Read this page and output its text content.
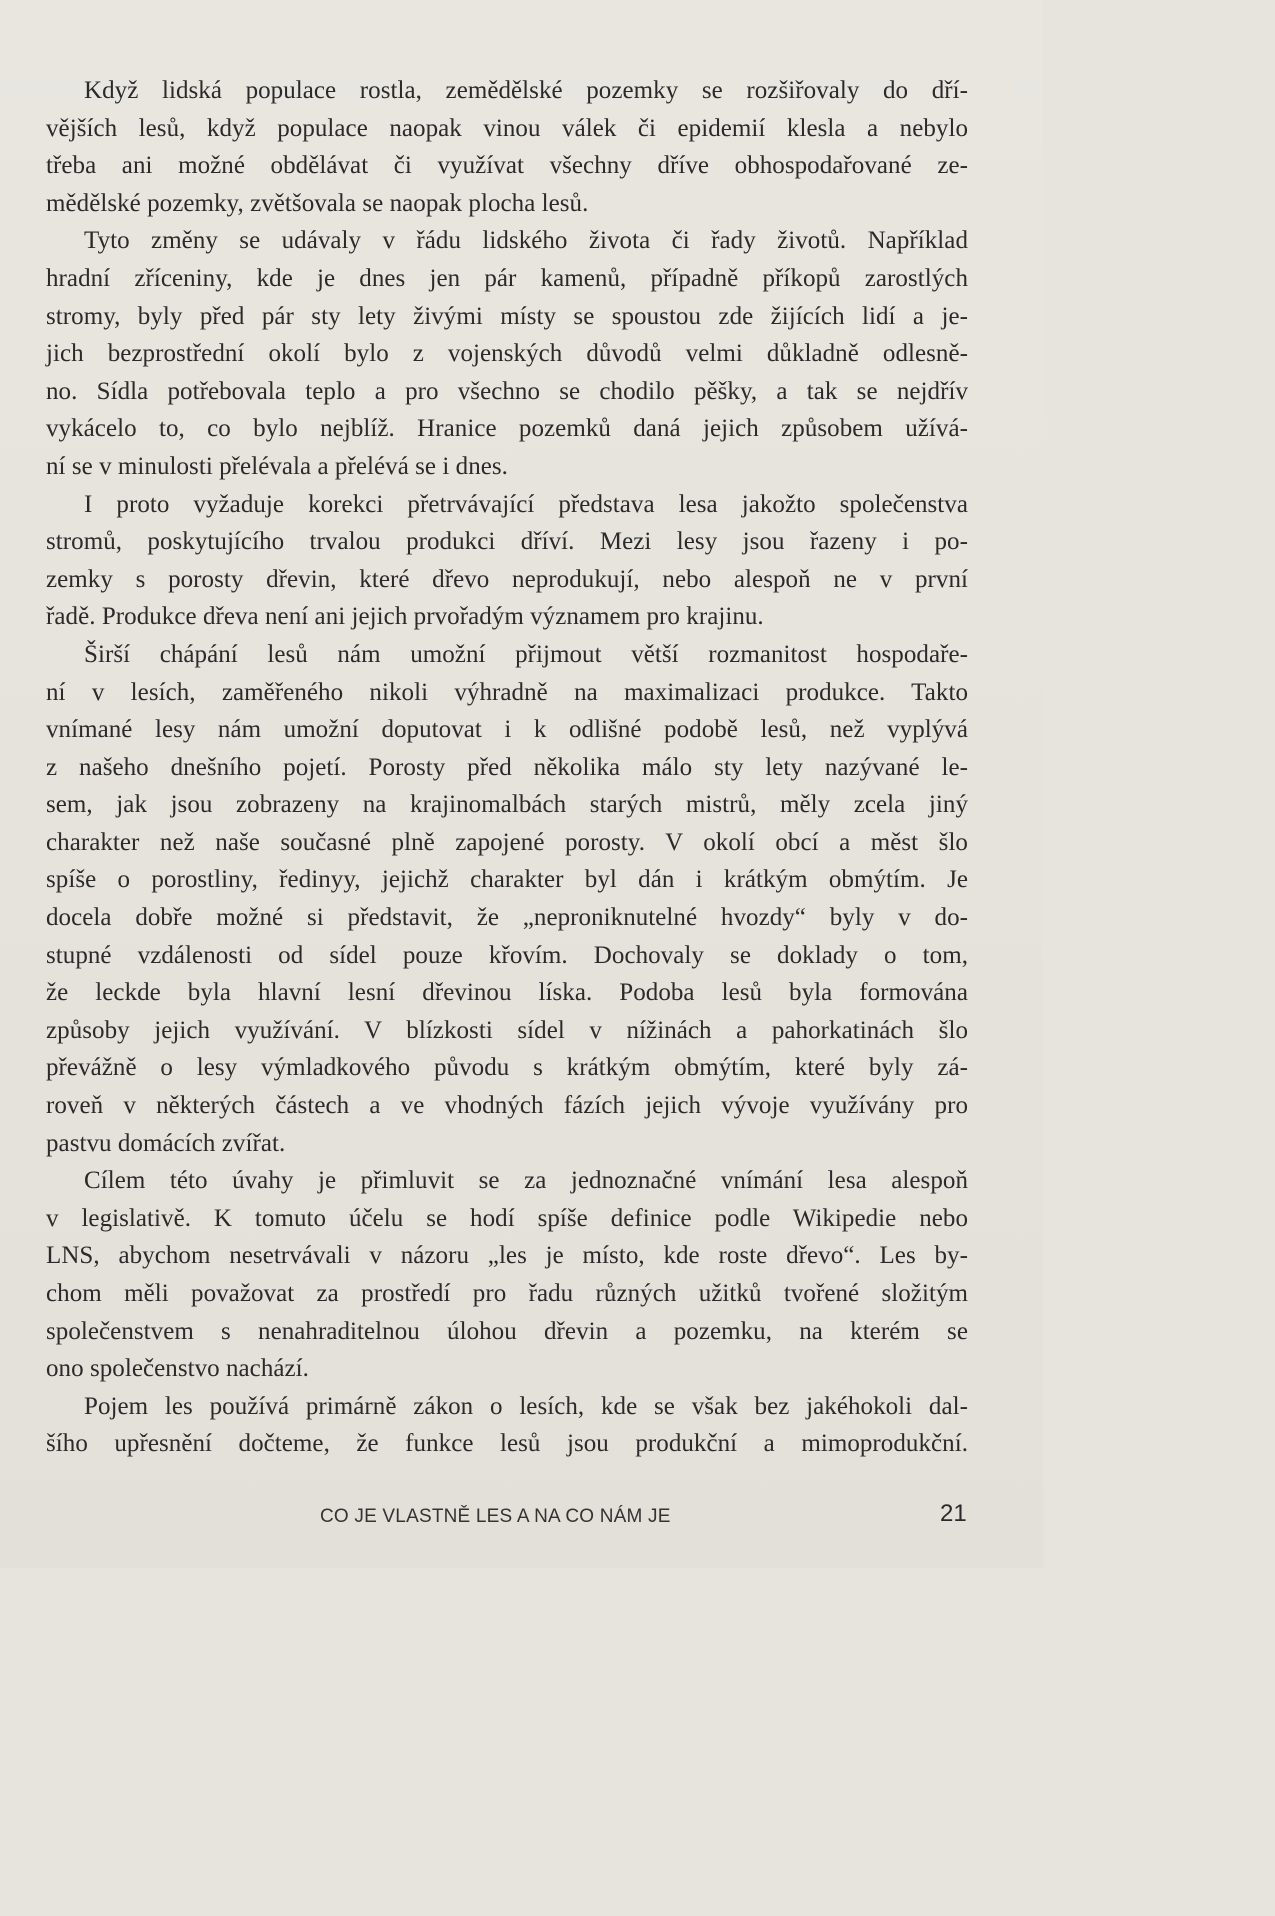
Když lidská populace rostla, zemědělské pozemky se rozšiřovaly do dří-
vějších lesů, když populace naopak vinou válek či epidemií klesla a nebylo
třeba ani možné obdělávat či využívat všechny dříve obhospodařované ze-
mědělské pozemky, zvětšovala se naopak plocha lesů.
Tyto změny se udávaly v řádu lidského života či řady životů. Například
hradní zříceniny, kde je dnes jen pár kamenů, případně příkopů zarostlých
stromy, byly před pár sty lety živými místy se spoustou zde žijících lidí a je-
jich bezprostřední okolí bylo z vojenských důvodů velmi důkladně odlesně-
no. Sídla potřebovala teplo a pro všechno se chodilo pěšky, a tak se nejdřív
vykácelo to, co bylo nejblíž. Hranice pozemků daná jejich způsobem užívá-
ní se v minulosti přelévala a přelévá se i dnes.
I proto vyžaduje korekci přetrvávající představa lesa jakožto společenstva
stromů, poskytujícího trvalou produkci dříví. Mezi lesy jsou řazeny i po-
zemky s porosty dřevin, které dřevo neprodukují, nebo alespoň ne v první
řadě. Produkce dřeva není ani jejich prvořadým významem pro krajinu.
Širší chápání lesů nám umožní přijmout větší rozmanitost hospodaře-
ní v lesích, zaměřeného nikoli výhradně na maximalizaci produkce. Takto
vnímané lesy nám umožní doputovat i k odlišné podobě lesů, než vyplývá
z našeho dnešního pojetí. Porosty před několika málo sty lety nazývané le-
sem, jak jsou zobrazeny na krajinomalbách starých mistrů, měly zcela jiný
charakter než naše současné plně zapojené porosty. V okolí obcí a měst šlo
spíše o porostliny, ředinyy, jejichž charakter byl dán i krátkým obmýtím. Je
docela dobře možné si představit, že „neproniknutelné hvozdy“ byly v do-
stupné vzdálenosti od sídel pouze křovím. Dochovaly se doklady o tom,
že leckde byla hlavní lesní dřevinou líska. Podoba lesů byla formována
způsoby jejich využívání. V blízkosti sídel v nížinách a pahorkatinách šlo
převážně o lesy výmladkového původu s krátkým obmýtím, které byly zá-
roveň v některých částech a ve vhodných fázích jejich vývoje využívány pro
pastvu domácích zvířat.
Cílem této úvahy je přimluvit se za jednoznačné vnímání lesa alespoň
v legislativě. K tomuto účelu se hodí spíše definice podle Wikipedie nebo
LNS, abychom nesetrvávali v názoru „les je místo, kde roste dřevo“. Les by-
chom měli považovat za prostředí pro řadu různých užitků tvořené složitým
společenstvem s nenahraditelnou úlohou dřevin a pozemku, na kterém se
ono společenstvo nachází.
Pojem les používá primárně zákon o lesích, kde se však bez jakéhokoli dal-
šího upřesnění dočteme, že funkce lesů jsou produkční a mimoprodukční.
CO JE VLASTNĚ LES A NA CO NÁM JE	21
